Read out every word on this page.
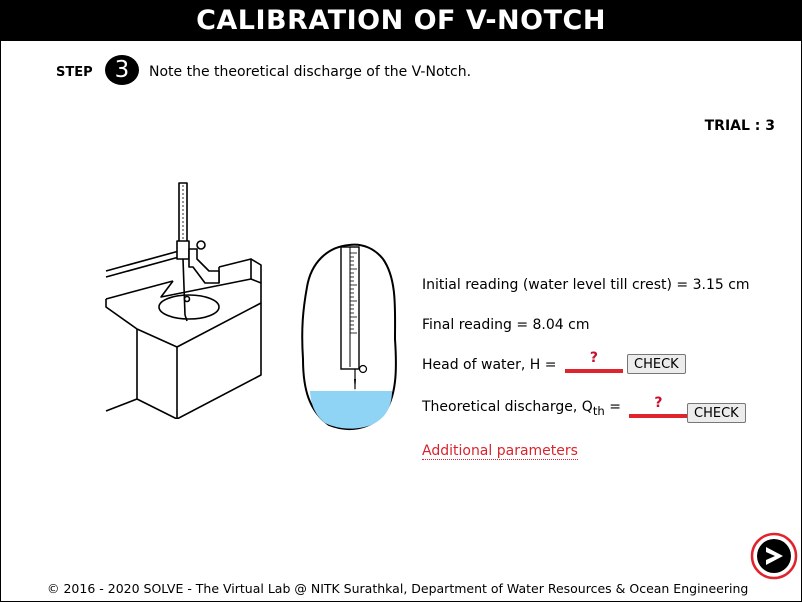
CALIBRATION OF V-NOTCH
STEP 3	Note the theoretical discharge of the V-Notch.
TRIAL : 3
Initial reading (water level till crest) = 3.15 cm
Final reading = 8.04 cm
Head of water, H = ?	CHECK
Theoretical discharge, $Q_{th}$ = ?
CHECK
Additional parameters
© 2016 - 2020 SOLVE - The Virtual Lab @ NITK Surathkal, Department of Water Resources & Ocean Engineering
